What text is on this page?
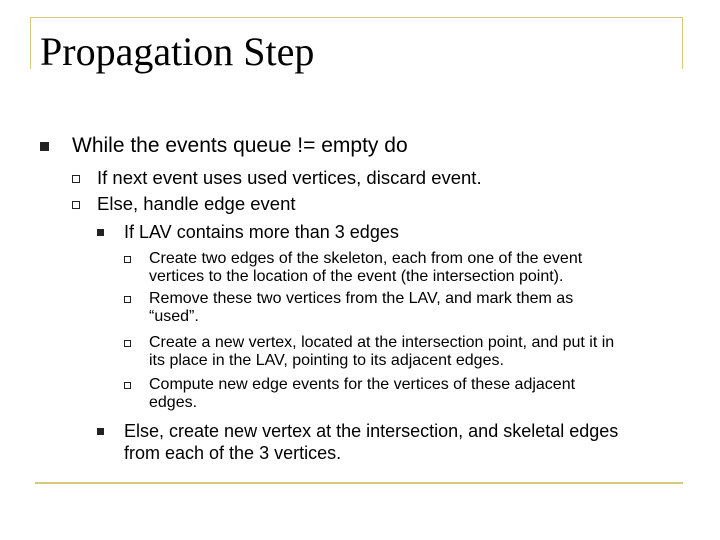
Propagation Step
While the events queue != empty do
If next event uses used vertices, discard event.
Else, handle edge event
If LAV contains more than 3 edges
Create two edges of the skeleton, each from one of the event
vertices to the location of the event (the intersection point).
Remove these two vertices from the LAV, and mark them as
“used”.
Create a new vertex, located at the intersection point, and put it in
its place in the LAV, pointing to its adjacent edges.
Compute new edge events for the vertices of these adjacent
edges.
Else, create new vertex at the intersection, and skeletal edges
from each of the 3 vertices.
